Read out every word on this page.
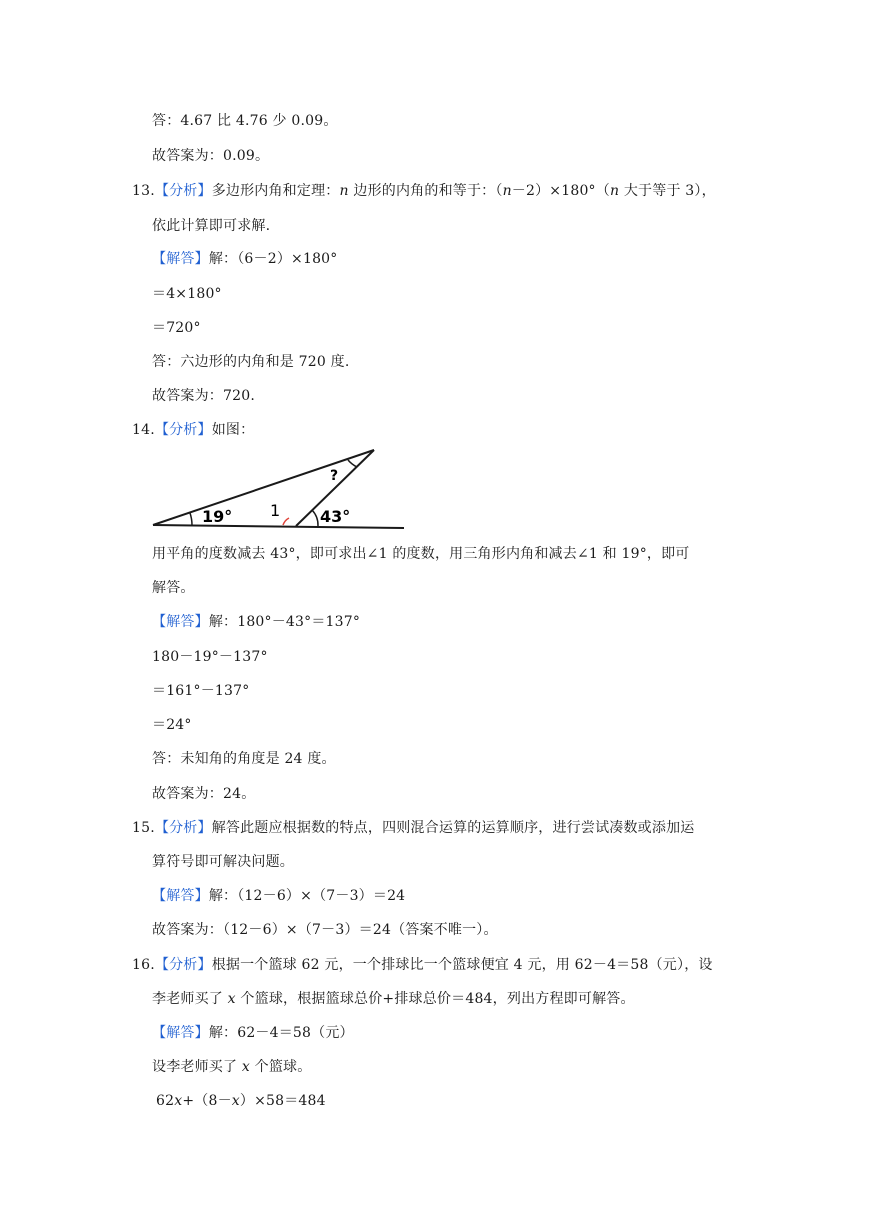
答：4.67 比 4.76 少 0.09。
故答案为：0.09。
13.【分析】多边形内角和定理：n 边形的内角的和等于：（n－2）×180°（n 大于等于 3），
依此计算即可求解.
【解答】解：（6－2）×180°
＝4×180°
＝720°
答：六边形的内角和是 720 度.
故答案为：720.
14.【分析】如图：
19°	43°
1
?
用平角的度数减去 43°，即可求出∠1 的度数，用三角形内角和减去∠1 和 19°，即可
解答。
【解答】解：180°－43°＝137°
180－19°－137°
＝161°－137°
＝24°
答：未知角的角度是 24 度。
故答案为：24。
15.【分析】解答此题应根据数的特点，四则混合运算的运算顺序，进行尝试凑数或添加运
算符号即可解决问题。
【解答】解：（12－6）×（7－3）＝24
故答案为：（12－6）×（7－3）＝24（答案不唯一）。
16.【分析】根据一个篮球 62 元，一个排球比一个篮球便宜 4 元，用 62－4＝58（元），设
李老师买了 x 个篮球，根据篮球总价+排球总价＝484，列出方程即可解答。
【解答】解：62－4＝58（元）
设李老师买了 x 个篮球。
62x+（8－x）×58＝484
